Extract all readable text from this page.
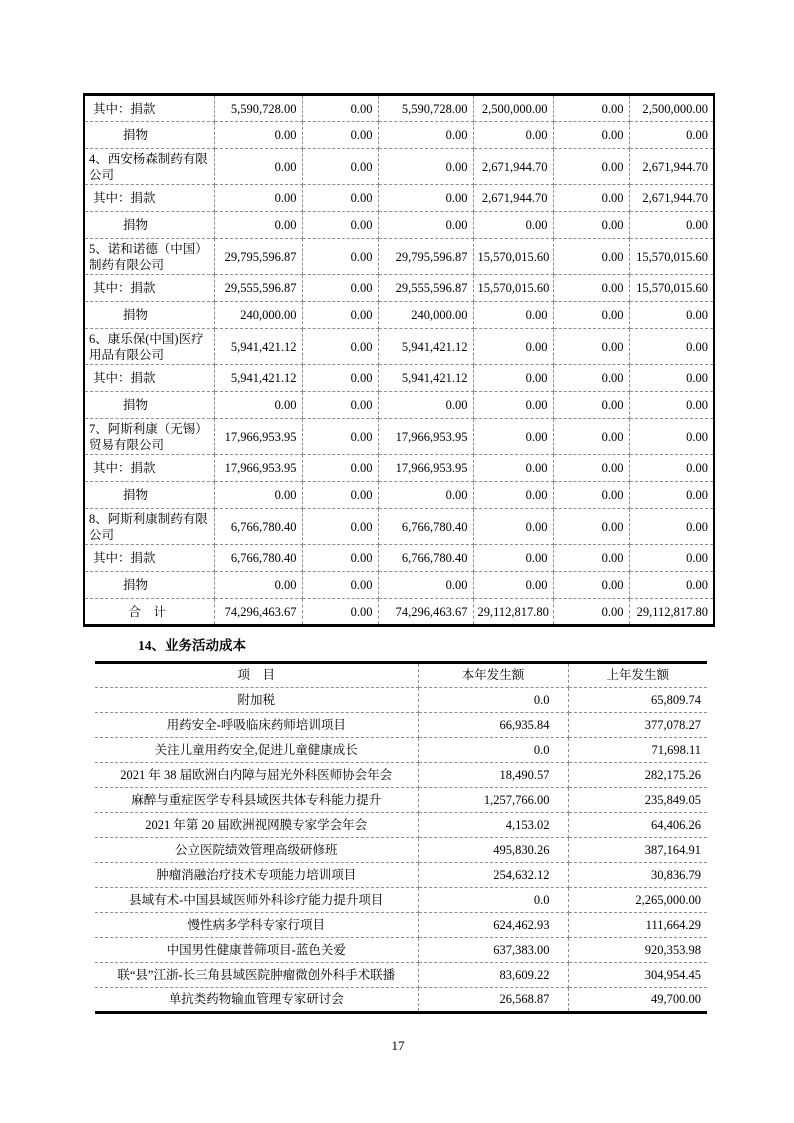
其中：捐款	5,590,728.00	0.00	5,590,728.00	2,500,000.00	0.00	2,500,000.00
捐物	0.00	0.00	0.00	0.00	0.00	0.00
4、西安杨森制药有限公司	0.00	0.00	0.00	2,671,944.70	0.00	2,671,944.70
其中：捐款	0.00	0.00	0.00	2,671,944.70	0.00	2,671,944.70
捐物	0.00	0.00	0.00	0.00	0.00	0.00
5、诺和诺德（中国）制药有限公司	29,795,596.87	0.00	29,795,596.87	15,570,015.60	0.00	15,570,015.60
其中：捐款	29,555,596.87	0.00	29,555,596.87	15,570,015.60	0.00	15,570,015.60
捐物	240,000.00	0.00	240,000.00	0.00	0.00	0.00
6、康乐保(中国)医疗用品有限公司	5,941,421.12	0.00	5,941,421.12	0.00	0.00	0.00
其中：捐款	5,941,421.12	0.00	5,941,421.12	0.00	0.00	0.00
捐物	0.00	0.00	0.00	0.00	0.00	0.00
7、阿斯利康（无锡）贸易有限公司	17,966,953.95	0.00	17,966,953.95	0.00	0.00	0.00
其中：捐款	17,966,953.95	0.00	17,966,953.95	0.00	0.00	0.00
捐物	0.00	0.00	0.00	0.00	0.00	0.00
8、阿斯利康制药有限公司	6,766,780.40	0.00	6,766,780.40	0.00	0.00	0.00
其中：捐款	6,766,780.40	0.00	6,766,780.40	0.00	0.00	0.00
捐物	0.00	0.00	0.00	0.00	0.00	0.00
合　计	74,296,463.67	0.00	74,296,463.67	29,112,817.80	0.00	29,112,817.80
14、业务活动成本
项　目	本年发生额	上年发生额
附加税	0.0	65,809.74
用药安全-呼吸临床药师培训项目	66,935.84	377,078.27
关注儿童用药安全,促进儿童健康成长	0.0	71,698.11
2021 年 38 届欧洲白内障与屈光外科医师协会年会	18,490.57	282,175.26
麻醉与重症医学专科县域医共体专科能力提升	1,257,766.00	235,849.05
2021 年第 20 届欧洲视网膜专家学会年会	4,153.02	64,406.26
公立医院绩效管理高级研修班	495,830.26	387,164.91
肿瘤消融治疗技术专项能力培训项目	254,632.12	30,836.79
县域有术-中国县域医师外科诊疗能力提升项目	0.0	2,265,000.00
慢性病多学科专家行项目	624,462.93	111,664.29
中国男性健康普筛项目-蓝色关爱	637,383.00	920,353.98
联“县”江浙-长三角县域医院肿瘤微创外科手术联播	83,609.22	304,954.45
单抗类药物输血管理专家研讨会	26,568.87	49,700.00
17
